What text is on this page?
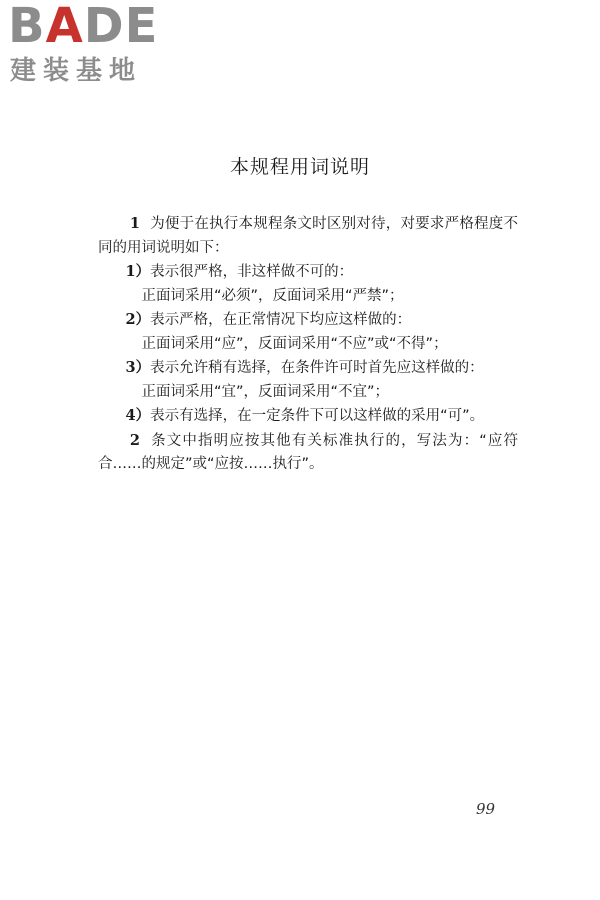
BADE
建装基地
本规程用词说明

1 为便于在执行本规程条文时区别对待，对要求严格程度不同的用词说明如下：

1）表示很严格，非这样做不可的：

正面词采用“必须”，反面词采用“严禁”；

2）表示严格，在正常情况下均应这样做的：

正面词采用“应”，反面词采用“不应”或“不得”；

3）表示允许稍有选择，在条件许可时首先应这样做的：

正面词采用“宜”，反面词采用“不宜”；

4）表示有选择，在一定条件下可以这样做的采用“可”。

2 条文中指明应按其他有关标准执行的，写法为：“应符合……的规定”或“应按……执行”。

99
